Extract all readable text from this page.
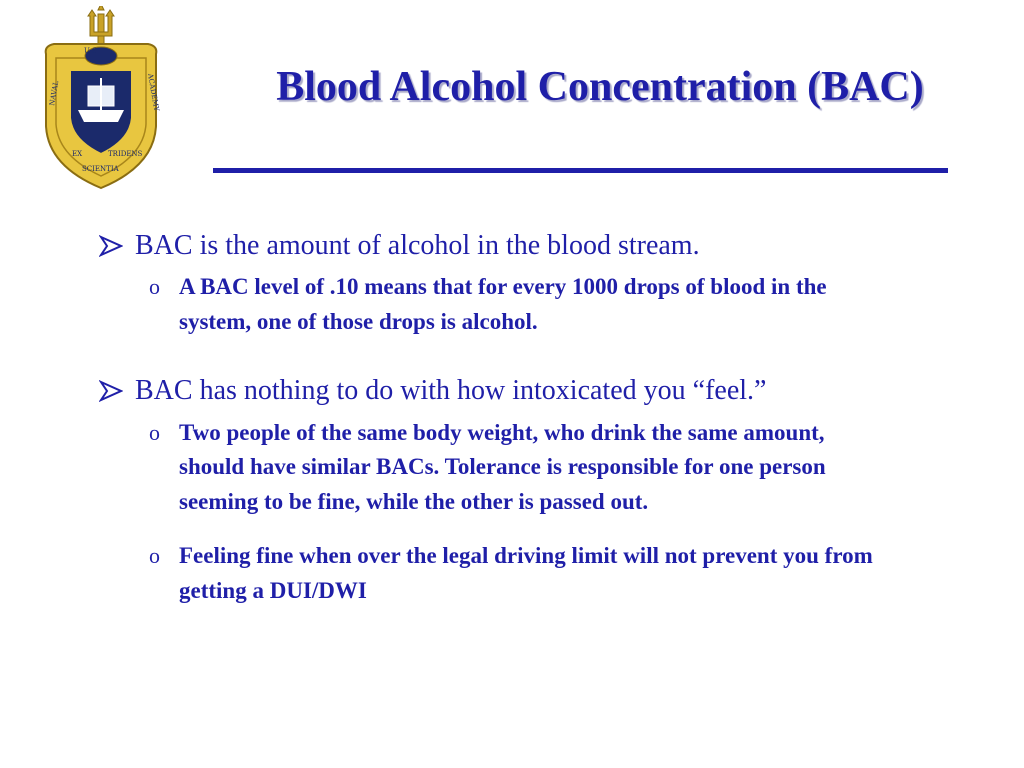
U S
NAVAL	ACADEMY
EX	TRIDENS
SCIENTIA
Blood Alcohol Concentration (BAC)
BAC is the amount of alcohol in the blood stream.
o A BAC level of .10 means that for every 1000 drops of blood in the system, one of those drops is alcohol.
BAC has nothing to do with how intoxicated you “feel.”
o Two people of the same body weight, who drink the same amount, should have similar BACs. Tolerance is responsible for one person seeming to be fine, while the other is passed out.
o Feeling fine when over the legal driving limit will not prevent you from getting a DUI/DWI
